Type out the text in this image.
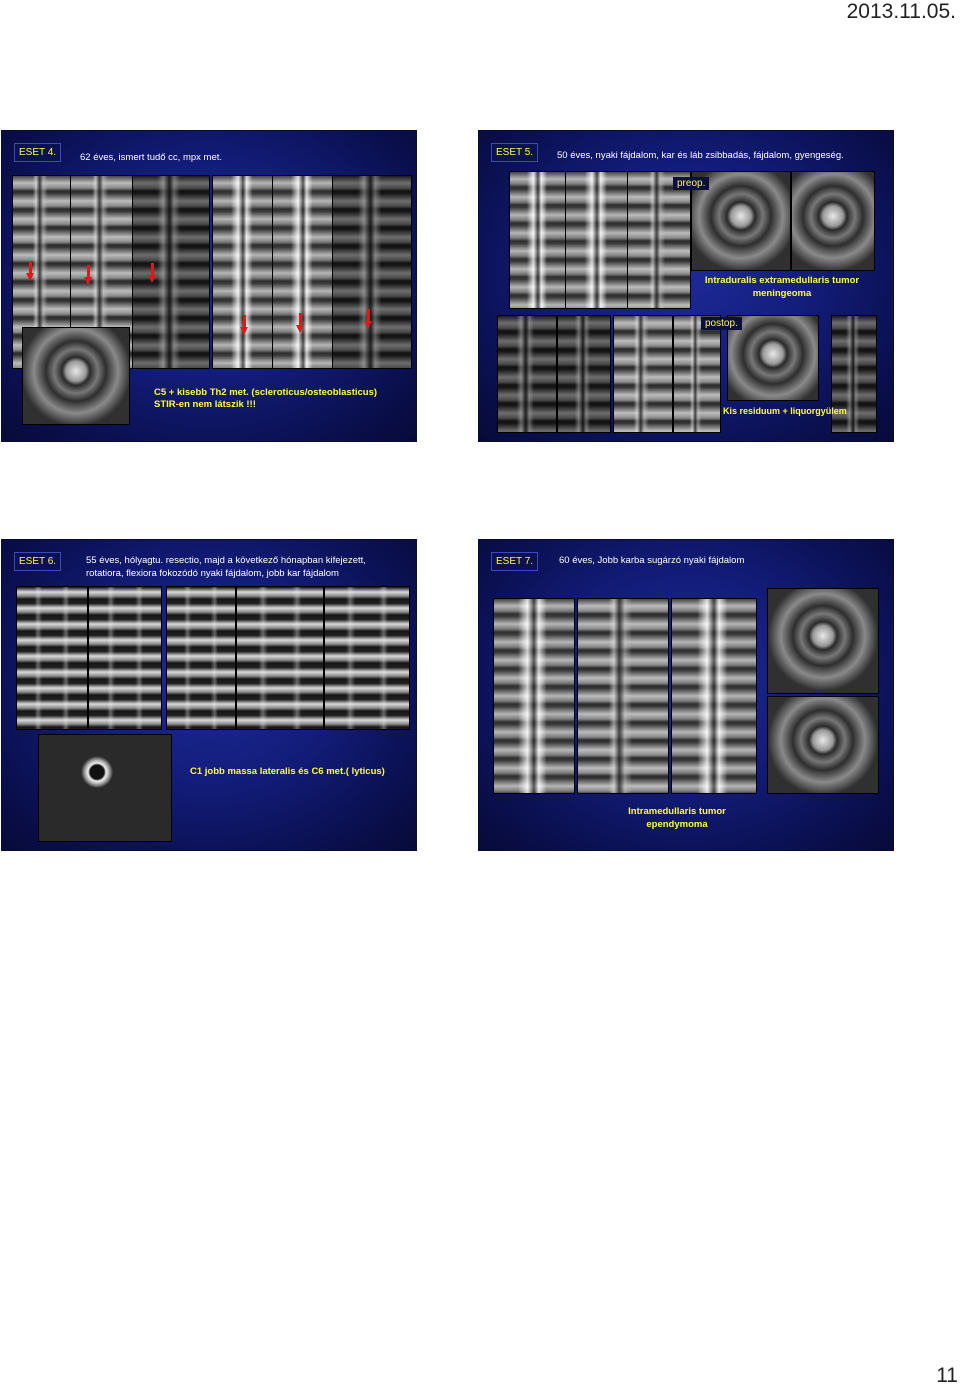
2013.11.05.
ESET 4.	62 éves, ismert tudő cc, mpx met.
C5 + kisebb Th2 met. (scleroticus/osteoblasticus)
STIR-en nem látszik !!!
ESET 5.	50 éves, nyaki fájdalom, kar és láb zsibbadás, fájdalom, gyengeség.
preop.
Intraduralis extramedullaris tumor
meningeoma
postop.
Kis residuum + liquorgyülem
ESET 6.	55 éves, hólyagtu. resectio, majd a következő hónapban kifejezett,
rotatiora, flexiora fokozódó nyaki fájdalom, jobb kar fájdalom
C1 jobb massa lateralis és C6 met.( lyticus)
ESET 7.	60 éves, Jobb karba sugárzó nyaki fájdalom
Intramedullaris tumor
ependymoma
11
